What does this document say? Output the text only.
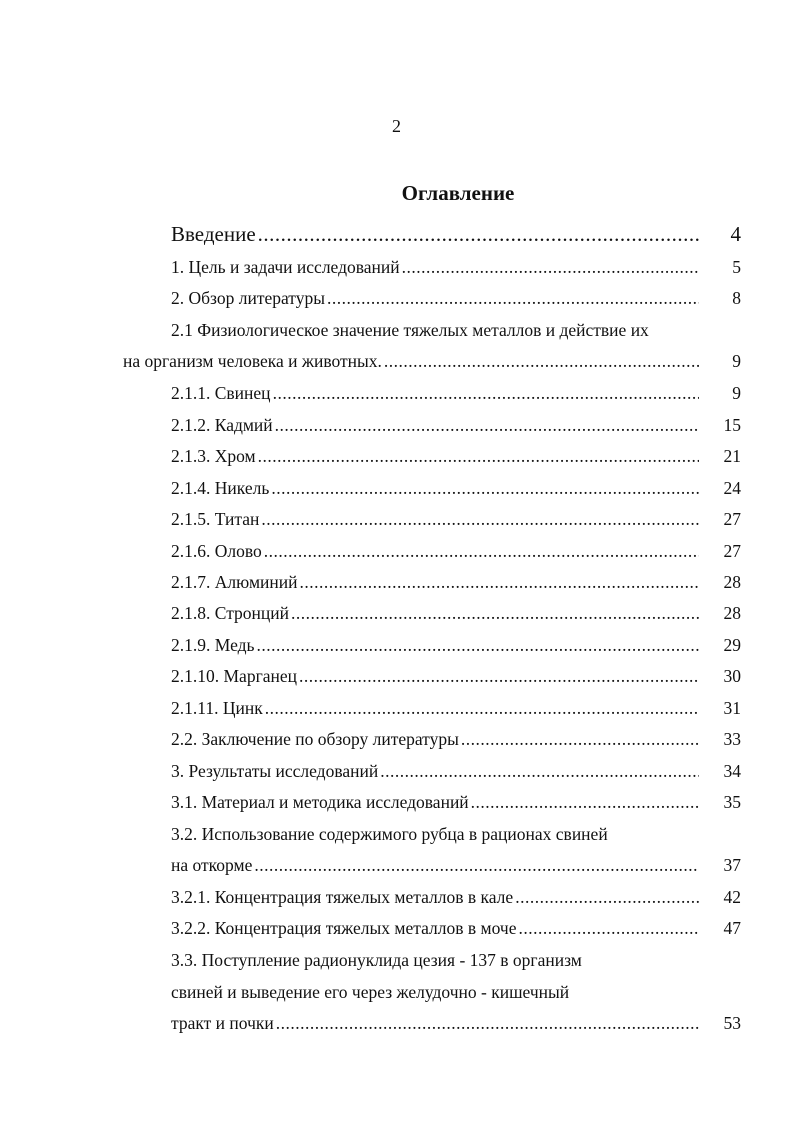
2
Оглавление
Введение .....	4
1. Цель и задачи исследований .....	5
2. Обзор литературы .....	8
2.1 Физиологическое значение тяжелых металлов и действие их
на организм человека и животных. .....	9
2.1.1. Свинец .....	9
2.1.2. Кадмий .....	15
2.1.3. Хром .....	21
2.1.4. Никель .....	24
2.1.5. Титан .....	27
2.1.6. Олово .....	27
2.1.7. Алюминий .....	28
2.1.8. Стронций .....	28
2.1.9. Медь .....	29
2.1.10. Марганец .....	30
2.1.11. Цинк .....	31
2.2. Заключение по обзору литературы .....	33
3. Результаты исследований .....	34
3.1. Материал и методика исследований .....	35
3.2. Использование содержимого рубца в рационах свиней
на откорме .....	37
3.2.1. Концентрация тяжелых металлов в кале .....	42
3.2.2. Концентрация тяжелых металлов в моче .....	47
3.3. Поступление радионуклида цезия - 137 в организм
свиней и выведение его через желудочно - кишечный
тракт и почки .....	53
